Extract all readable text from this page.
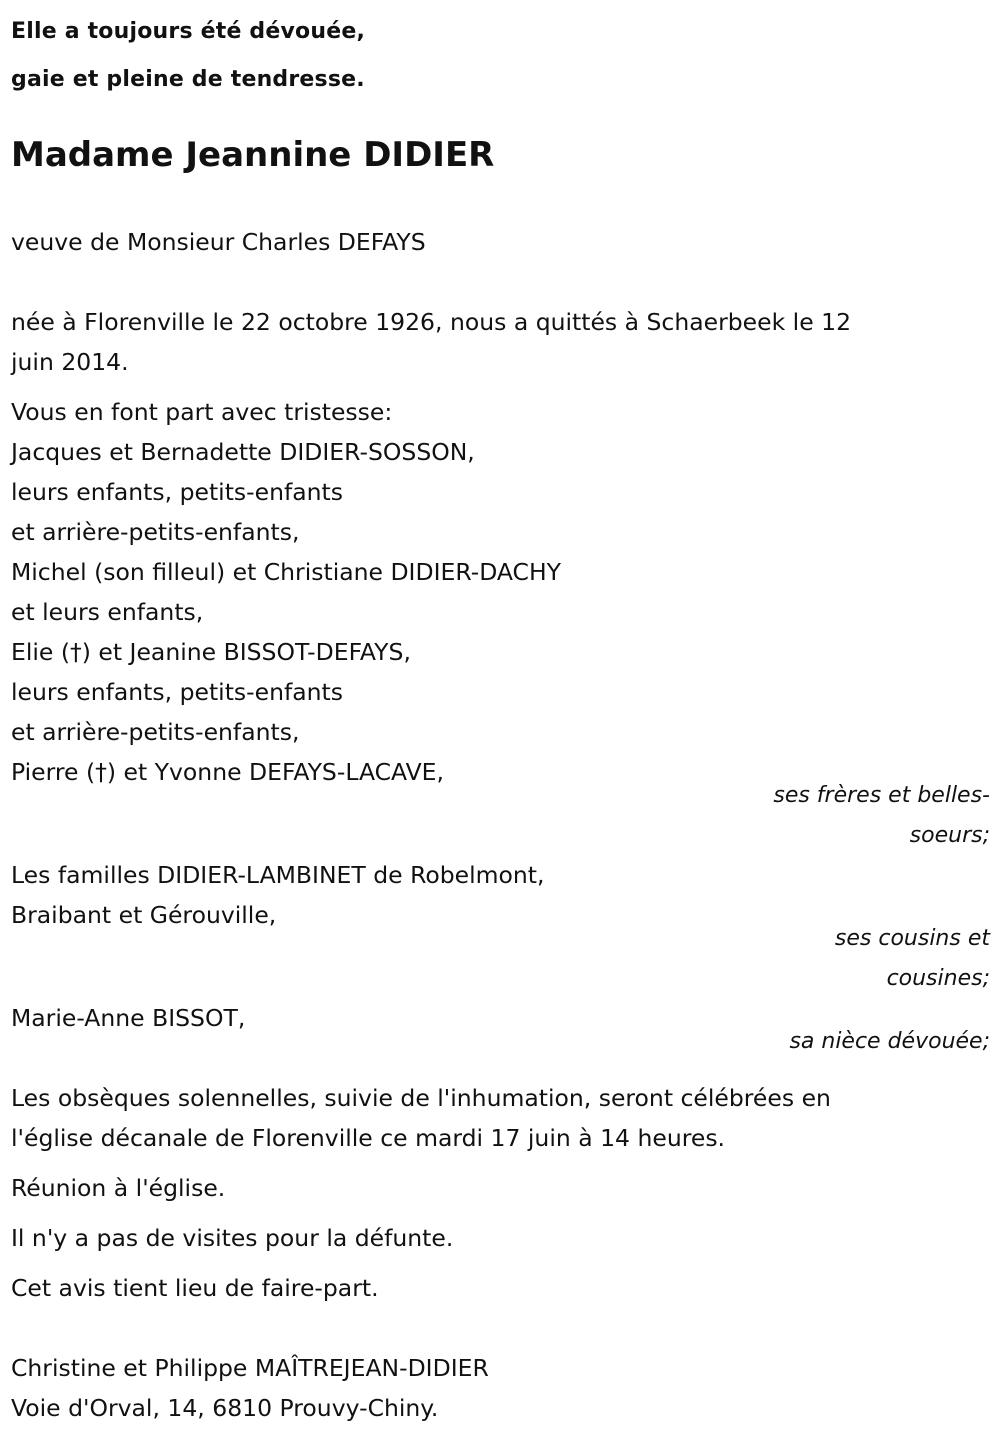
Elle a toujours été dévouée,
gaie et pleine de tendresse.
Madame Jeannine DIDIER
veuve de Monsieur Charles DEFAYS
née à Florenville le 22 octobre 1926, nous a quittés à Schaerbeek le 12
juin 2014.
Vous en font part avec tristesse:
Jacques et Bernadette DIDIER-SOSSON,
leurs enfants, petits-enfants
et arrière-petits-enfants,
Michel (son filleul) et Christiane DIDIER-DACHY
et leurs enfants,
Elie (†) et Jeanine BISSOT-DEFAYS,
leurs enfants, petits-enfants
et arrière-petits-enfants,
Pierre (†) et Yvonne DEFAYS-LACAVE,
ses frères et belles-
soeurs;
Les familles DIDIER-LAMBINET de Robelmont,
Braibant et Gérouville,
ses cousins et
cousines;
Marie-Anne BISSOT,
sa nièce dévouée;
Les obsèques solennelles, suivie de l'inhumation, seront célébrées en
l'église décanale de Florenville ce mardi 17 juin à 14 heures.
Réunion à l'église.
Il n'y a pas de visites pour la défunte.
Cet avis tient lieu de faire-part.
Christine et Philippe MAÎTREJEAN-DIDIER
Voie d'Orval, 14, 6810 Prouvy-Chiny.
